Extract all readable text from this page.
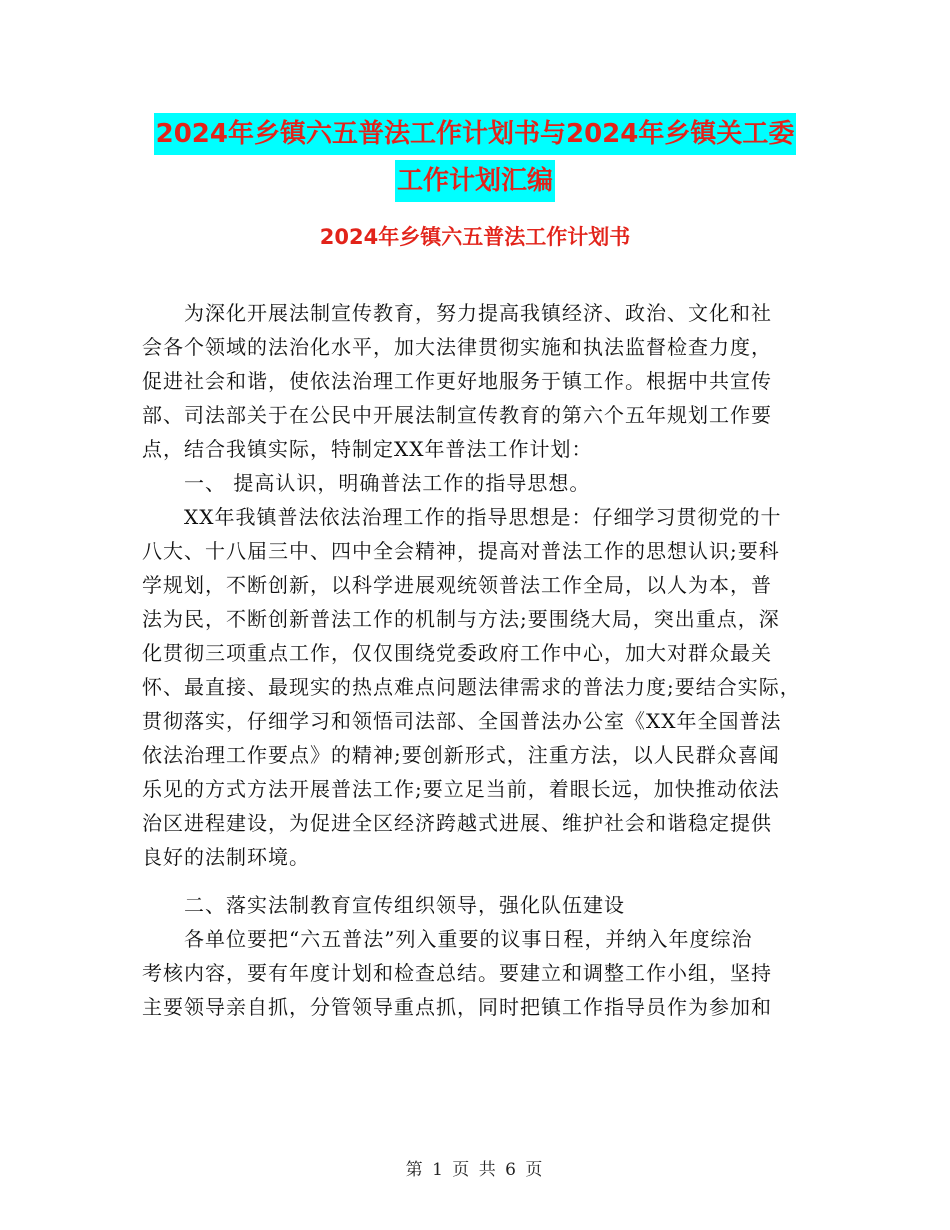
2024年乡镇六五普法工作计划书与2024年乡镇关工委
工作计划汇编
2024年乡镇六五普法工作计划书
为深化开展法制宣传教育，努力提高我镇经济、政治、文化和社
会各个领域的法治化水平，加大法律贯彻实施和执法监督检查力度，
促进社会和谐，使依法治理工作更好地服务于镇工作。根据中共宣传
部、司法部关于在公民中开展法制宣传教育的第六个五年规划工作要
点，结合我镇实际，特制定XX年普法工作计划：
一、 提高认识，明确普法工作的指导思想。
XX年我镇普法依法治理工作的指导思想是：仔细学习贯彻党的十
八大、十八届三中、四中全会精神，提高对普法工作的思想认识;要科
学规划，不断创新，以科学进展观统领普法工作全局，以人为本，普
法为民，不断创新普法工作的机制与方法;要围绕大局，突出重点，深
化贯彻三项重点工作，仅仅围绕党委政府工作中心，加大对群众最关
怀、最直接、最现实的热点难点问题法律需求的普法力度;要结合实际，
贯彻落实，仔细学习和领悟司法部、全国普法办公室《XX年全国普法
依法治理工作要点》的精神;要创新形式，注重方法，以人民群众喜闻
乐见的方式方法开展普法工作;要立足当前，着眼长远，加快推动依法
治区进程建设，为促进全区经济跨越式进展、维护社会和谐稳定提供
良好的法制环境。
二、落实法制教育宣传组织领导，强化队伍建设
各单位要把“六五普法”列入重要的议事日程，并纳入年度综治
考核内容，要有年度计划和检查总结。要建立和调整工作小组，坚持
主要领导亲自抓，分管领导重点抓，同时把镇工作指导员作为参加和
第 1 页 共 6 页
